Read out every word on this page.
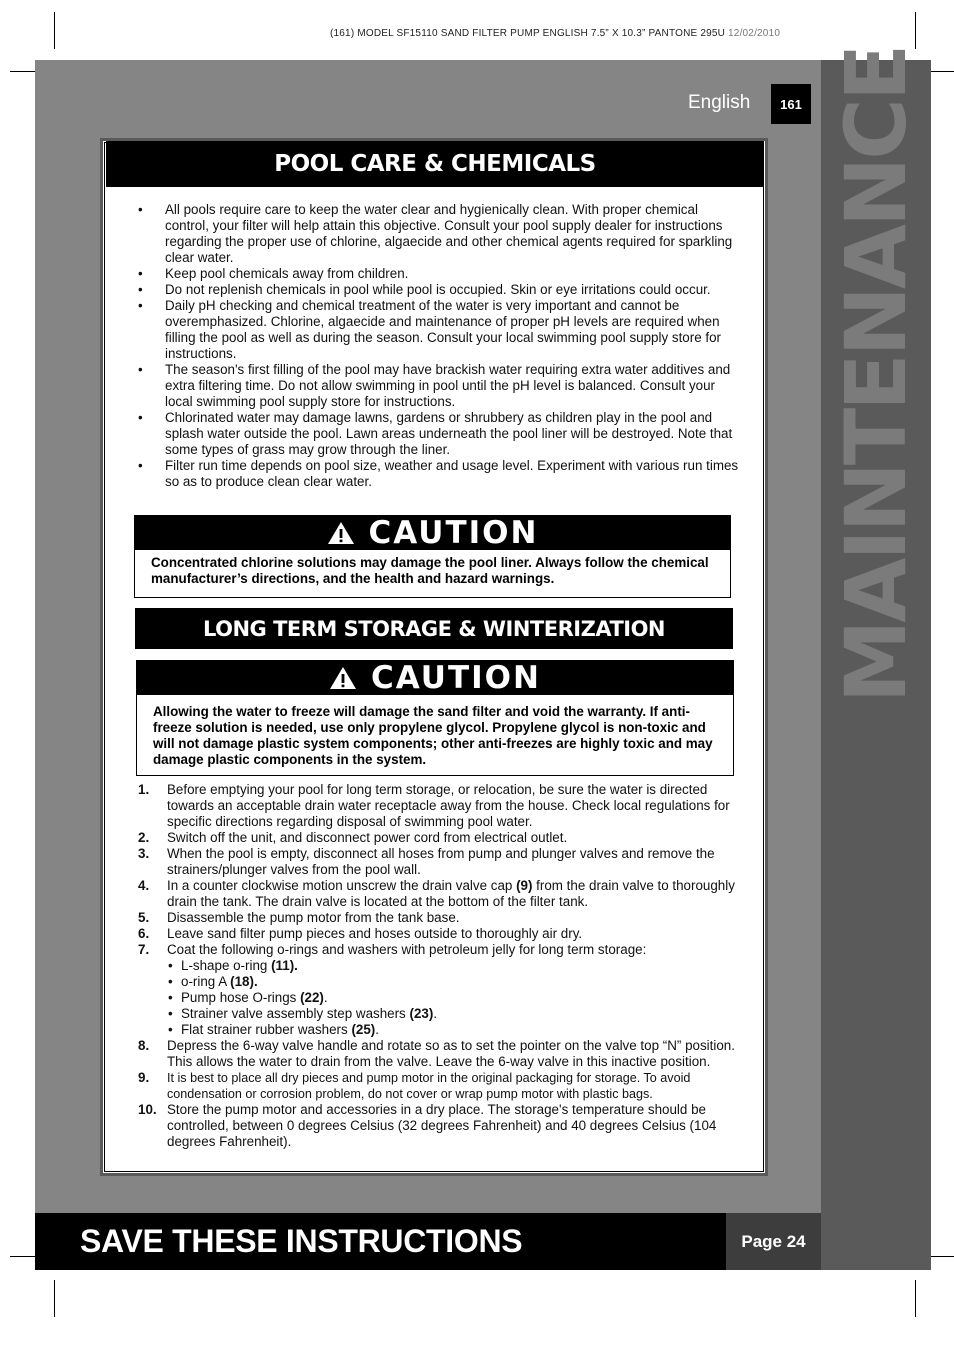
(161) MODEL SF15110 SAND FILTER PUMP ENGLISH 7.5” X 10.3” PANTONE 295U 12/02/2010
MAINTENANCE
English	161
POOL CARE & CHEMICALS
• All pools require care to keep the water clear and hygienically clean. With proper chemical control, your filter will help attain this objective. Consult your pool supply dealer for instructions regarding the proper use of chlorine, algaecide and other chemical agents required for sparkling clear water.
• Keep pool chemicals away from children.
• Do not replenish chemicals in pool while pool is occupied. Skin or eye irritations could occur.
• Daily pH checking and chemical treatment of the water is very important and cannot be overemphasized. Chlorine, algaecide and maintenance of proper pH levels are required when filling the pool as well as during the season. Consult your local swimming pool supply store for instructions.
• The season's first filling of the pool may have brackish water requiring extra water additives and extra filtering time. Do not allow swimming in pool until the pH level is balanced. Consult your local swimming pool supply store for instructions.
• Chlorinated water may damage lawns, gardens or shrubbery as children play in the pool and splash water outside the pool. Lawn areas underneath the pool liner will be destroyed. Note that some types of grass may grow through the liner.
• Filter run time depends on pool size, weather and usage level. Experiment with various run times so as to produce clean clear water.
CAUTION
Concentrated chlorine solutions may damage the pool liner. Always follow the chemical manufacturer’s directions, and the health and hazard warnings.
LONG TERM STORAGE & WINTERIZATION
CAUTION
Allowing the water to freeze will damage the sand filter and void the warranty. If anti-freeze solution is needed, use only propylene glycol. Propylene glycol is non-toxic and will not damage plastic system components; other anti-freezes are highly toxic and may damage plastic components in the system.
1. Before emptying your pool for long term storage, or relocation, be sure the water is directed towards an acceptable drain water receptacle away from the house. Check local regulations for specific directions regarding disposal of swimming pool water.
2. Switch off the unit, and disconnect power cord from electrical outlet.
3. When the pool is empty, disconnect all hoses from pump and plunger valves and remove the strainers/plunger valves from the pool wall.
4. In a counter clockwise motion unscrew the drain valve cap (9) from the drain valve to thoroughly drain the tank. The drain valve is located at the bottom of the filter tank.
5. Disassemble the pump motor from the tank base.
6. Leave sand filter pump pieces and hoses outside to thoroughly air dry.
7. Coat the following o-rings and washers with petroleum jelly for long term storage:
• L-shape o-ring (11).
• o-ring A (18).
• Pump hose O-rings (22).
• Strainer valve assembly step washers (23).
• Flat strainer rubber washers (25).
8. Depress the 6-way valve handle and rotate so as to set the pointer on the valve top “N” position. This allows the water to drain from the valve. Leave the 6-way valve in this inactive position.
9. It is best to place all dry pieces and pump motor in the original packaging for storage. To avoid condensation or corrosion problem, do not cover or wrap pump motor with plastic bags.
10. Store the pump motor and accessories in a dry place. The storage's temperature should be controlled, between 0 degrees Celsius (32 degrees Fahrenheit) and 40 degrees Celsius (104 degrees Fahrenheit).
SAVE THESE INSTRUCTIONS	Page 24
